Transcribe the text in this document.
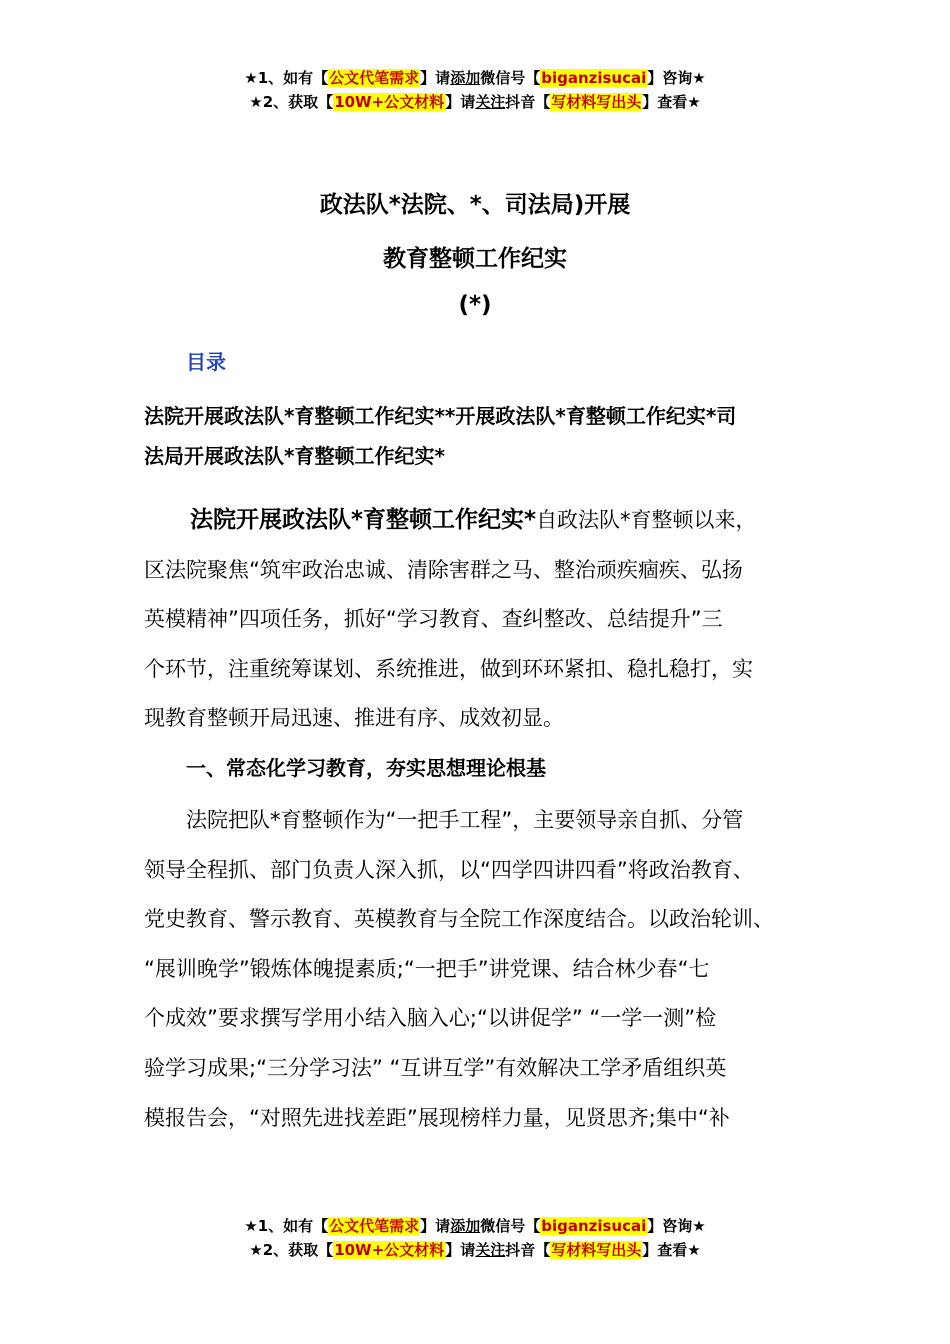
★1、如有【公文代笔需求】请添加微信号【biganzisucai】咨询★
★2、获取【10W+公文材料】请关注抖音【写材料写出头】查看★
政法队*法院、*、司法局)开展
教育整顿工作纪实
(*)
目录
法院开展政法队*育整顿工作纪实**开展政法队*育整顿工作纪实*司
法局开展政法队*育整顿工作纪实*
法院开展政法队*育整顿工作纪实*自政法队*育整顿以来，
区法院聚焦“筑牢政治忠诚、清除害群之马、整治顽疾痼疾、弘扬
英模精神”四项任务，抓好“学习教育、查纠整改、总结提升”三
个环节，注重统筹谋划、系统推进，做到环环紧扣、稳扎稳打，实
现教育整顿开局迅速、推进有序、成效初显。
一、常态化学习教育，夯实思想理论根基
法院把队*育整顿作为“一把手工程”，主要领导亲自抓、分管
领导全程抓、部门负责人深入抓，以“四学四讲四看”将政治教育、
党史教育、警示教育、英模教育与全院工作深度结合。以政治轮训、
“展训晚学”锻炼体魄提素质;“一把手”讲党课、结合林少春“七
个成效”要求撰写学用小结入脑入心;“以讲促学” “一学一测”检
验学习成果;“三分学习法” “互讲互学”有效解决工学矛盾组织英
模报告会，“对照先进找差距”展现榜样力量，见贤思齐;集中“补
★1、如有【公文代笔需求】请添加微信号【biganzisucai】咨询★
★2、获取【10W+公文材料】请关注抖音【写材料写出头】查看★
